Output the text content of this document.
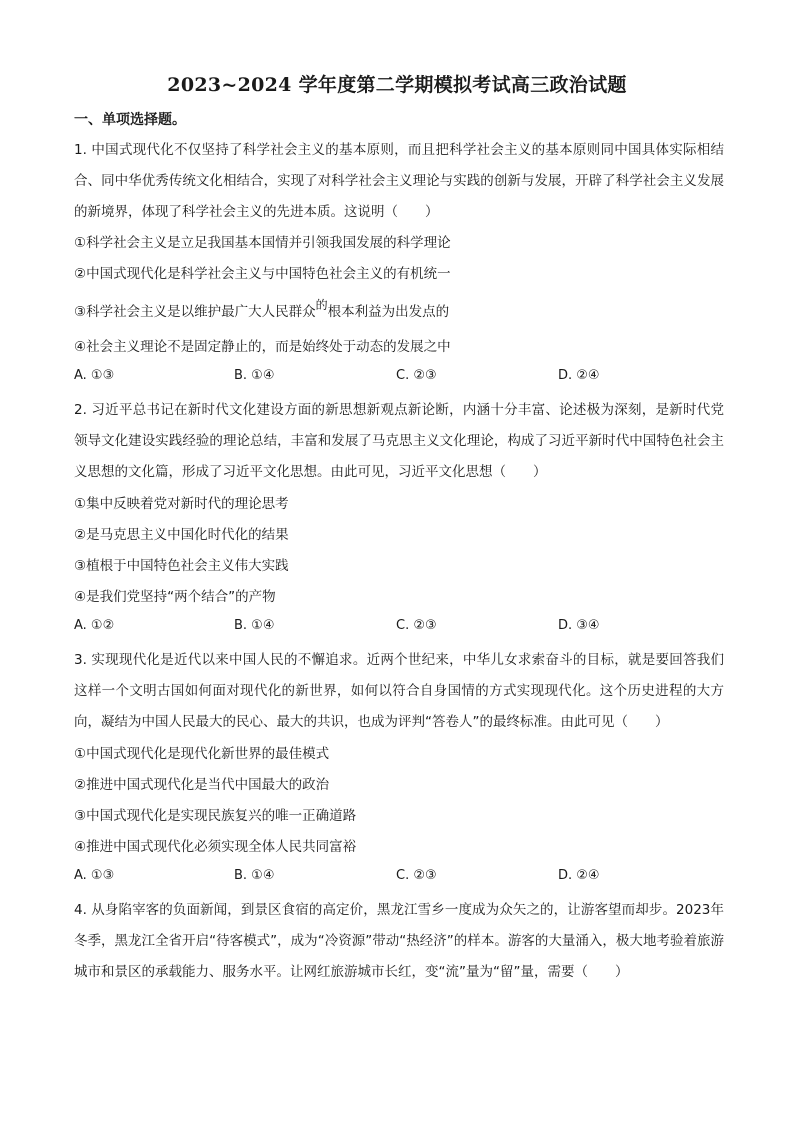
2023~2024 学年度第二学期模拟考试高三政治试题
一、单项选择题。
1. 中国式现代化不仅坚持了科学社会主义的基本原则，而且把科学社会主义的基本原则同中国具体实际相结合、同中华优秀传统文化相结合，实现了对科学社会主义理论与实践的创新与发展，开辟了科学社会主义发展的新境界，体现了科学社会主义的先进本质。这说明（　　）
①科学社会主义是立足我国基本国情并引领我国发展的科学理论
②中国式现代化是科学社会主义与中国特色社会主义的有机统一
③科学社会主义是以维护最广大人民群众的根本利益为出发点的
④社会主义理论不是固定静止的，而是始终处于动态的发展之中
A. ①③	B. ①④	C. ②③	D. ②④
2. 习近平总书记在新时代文化建设方面的新思想新观点新论断，内涵十分丰富、论述极为深刻，是新时代党领导文化建设实践经验的理论总结，丰富和发展了马克思主义文化理论，构成了习近平新时代中国特色社会主义思想的文化篇，形成了习近平文化思想。由此可见，习近平文化思想（　　）
①集中反映着党对新时代的理论思考
②是马克思主义中国化时代化的结果
③植根于中国特色社会主义伟大实践
④是我们党坚持“两个结合”的产物
A. ①②	B. ①④	C. ②③	D. ③④
3. 实现现代化是近代以来中国人民的不懈追求。近两个世纪来，中华儿女求索奋斗的目标，就是要回答我们这样一个文明古国如何面对现代化的新世界，如何以符合自身国情的方式实现现代化。这个历史进程的大方向，凝结为中国人民最大的民心、最大的共识，也成为评判“答卷人”的最终标准。由此可见（　　）
①中国式现代化是现代化新世界的最佳模式
②推进中国式现代化是当代中国最大的政治
③中国式现代化是实现民族复兴的唯一正确道路
④推进中国式现代化必须实现全体人民共同富裕
A. ①③	B. ①④	C. ②③	D. ②④
4. 从身陷宰客的负面新闻，到景区食宿的高定价，黑龙江雪乡一度成为众矢之的，让游客望而却步。2023年冬季，黑龙江全省开启“待客模式”，成为“冷资源”带动“热经济”的样本。游客的大量涌入，极大地考验着旅游城市和景区的承载能力、服务水平。让网红旅游城市长红，变“流”量为“留”量，需要（　　）
